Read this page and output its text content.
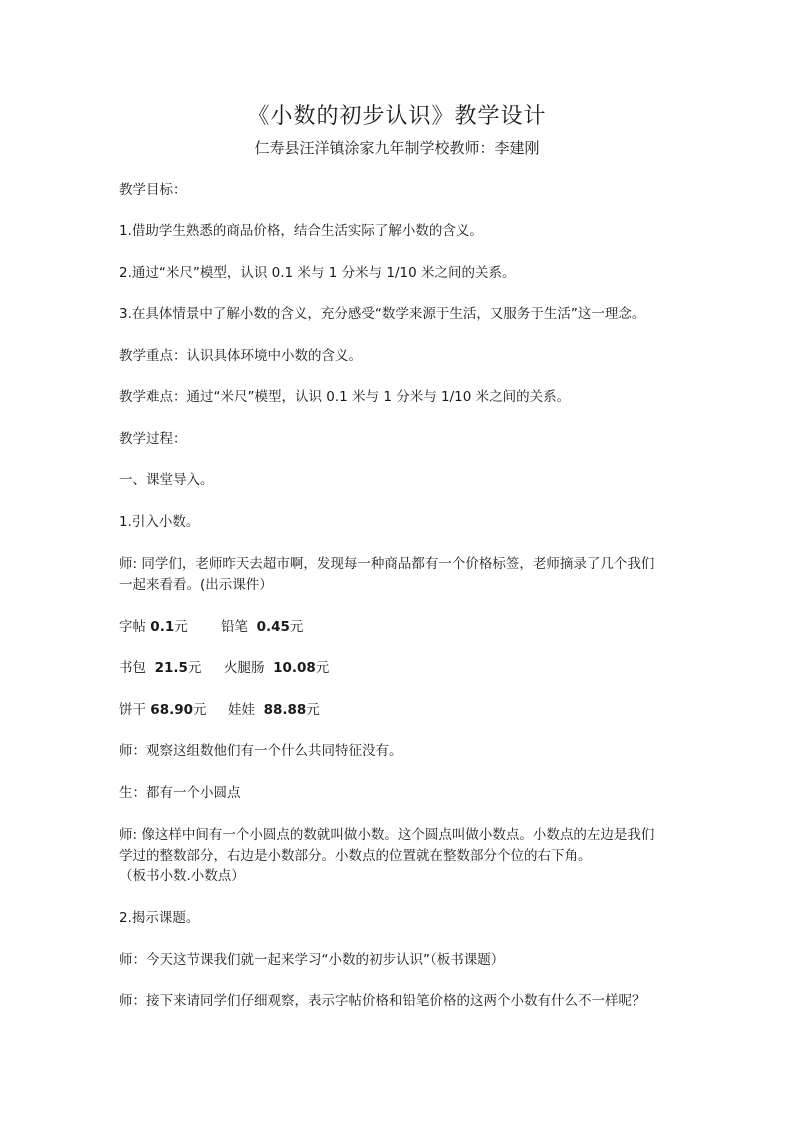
《小数的初步认识》教学设计
仁寿县汪洋镇涂家九年制学校教师：李建刚
教学目标：
1.借助学生熟悉的商品价格，结合生活实际了解小数的含义。
2.通过“米尺”模型，认识 0.1 米与 1 分米与 1/10 米之间的关系。
3.在具体情景中了解小数的含义，充分感受“数学来源于生活，又服务于生活”这一理念。
教学重点：认识具体环境中小数的含义。
教学难点：通过“米尺”模型，认识 0.1 米与 1 分米与 1/10 米之间的关系。
教学过程：
一、课堂导入。
1.引入小数。
师: 同学们，老师昨天去超市啊，发现每一种商品都有一个价格标签，老师摘录了几个我们
一起来看看。(出示课件）
字帖 0.1元 铅笔 0.45元
书包 21.5元 火腿肠 10.08元
饼干 68.90元 娃娃 88.88元
师：观察这组数他们有一个什么共同特征没有。
生：都有一个小圆点
师: 像这样中间有一个小圆点的数就叫做小数。这个圆点叫做小数点。小数点的左边是我们
学过的整数部分，右边是小数部分。小数点的位置就在整数部分个位的右下角。
（板书小数.小数点）
2.揭示课题。
师：今天这节课我们就一起来学习“小数的初步认识”（板书课题）
师：接下来请同学们仔细观察，表示字帖价格和铅笔价格的这两个小数有什么不一样呢？
